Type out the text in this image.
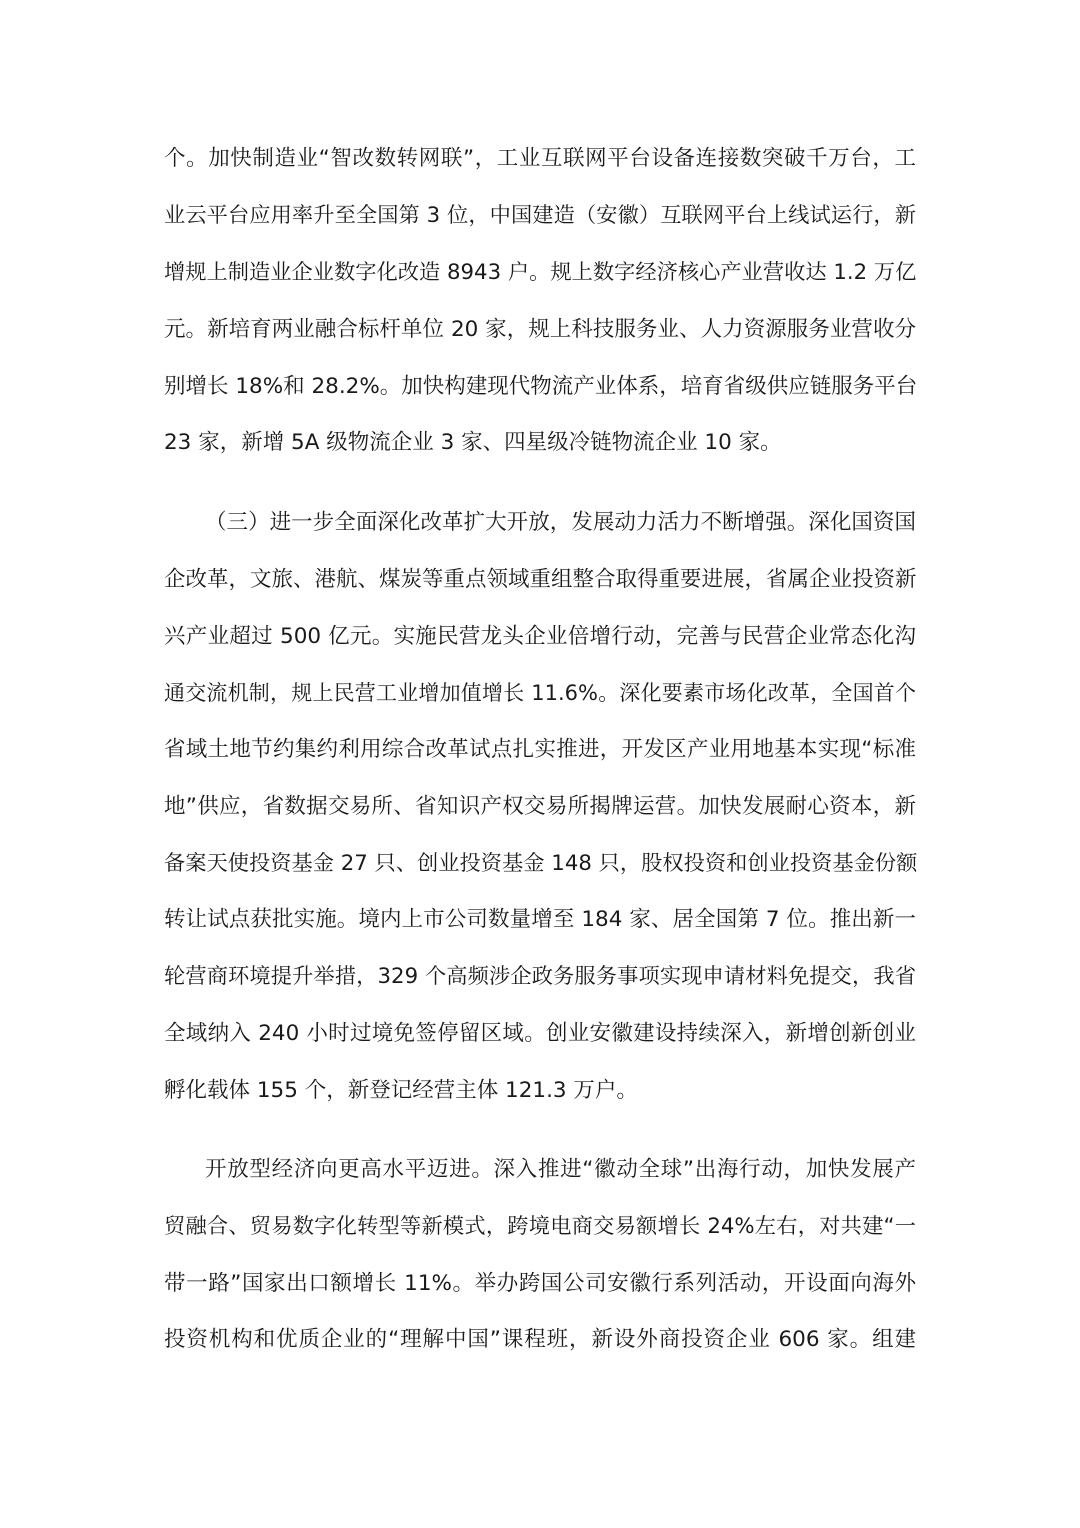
个。加快制造业“智改数转网联”，工业互联网平台设备连接数突破千万台，工
业云平台应用率升至全国第 3 位，中国建造（安徽）互联网平台上线试运行，新
增规上制造业企业数字化改造 8943 户。规上数字经济核心产业营收达 1.2 万亿
元。新培育两业融合标杆单位 20 家，规上科技服务业、人力资源服务业营收分
别增长 18%和 28.2%。加快构建现代物流产业体系，培育省级供应链服务平台
23 家，新增 5A 级物流企业 3 家、四星级冷链物流企业 10 家。
（三）进一步全面深化改革扩大开放，发展动力活力不断增强。深化国资国
企改革，文旅、港航、煤炭等重点领域重组整合取得重要进展，省属企业投资新
兴产业超过 500 亿元。实施民营龙头企业倍增行动，完善与民营企业常态化沟
通交流机制，规上民营工业增加值增长 11.6%。深化要素市场化改革，全国首个
省域土地节约集约利用综合改革试点扎实推进，开发区产业用地基本实现“标准
地”供应，省数据交易所、省知识产权交易所揭牌运营。加快发展耐心资本，新
备案天使投资基金 27 只、创业投资基金 148 只，股权投资和创业投资基金份额
转让试点获批实施。境内上市公司数量增至 184 家、居全国第 7 位。推出新一
轮营商环境提升举措，329 个高频涉企政务服务事项实现申请材料免提交，我省
全域纳入 240 小时过境免签停留区域。创业安徽建设持续深入，新增创新创业
孵化载体 155 个，新登记经营主体 121.3 万户。
开放型经济向更高水平迈进。深入推进“徽动全球”出海行动，加快发展产
贸融合、贸易数字化转型等新模式，跨境电商交易额增长 24%左右，对共建“一
带一路”国家出口额增长 11%。举办跨国公司安徽行系列活动，开设面向海外
投资机构和优质企业的“理解中国”课程班，新设外商投资企业 606 家。组建
